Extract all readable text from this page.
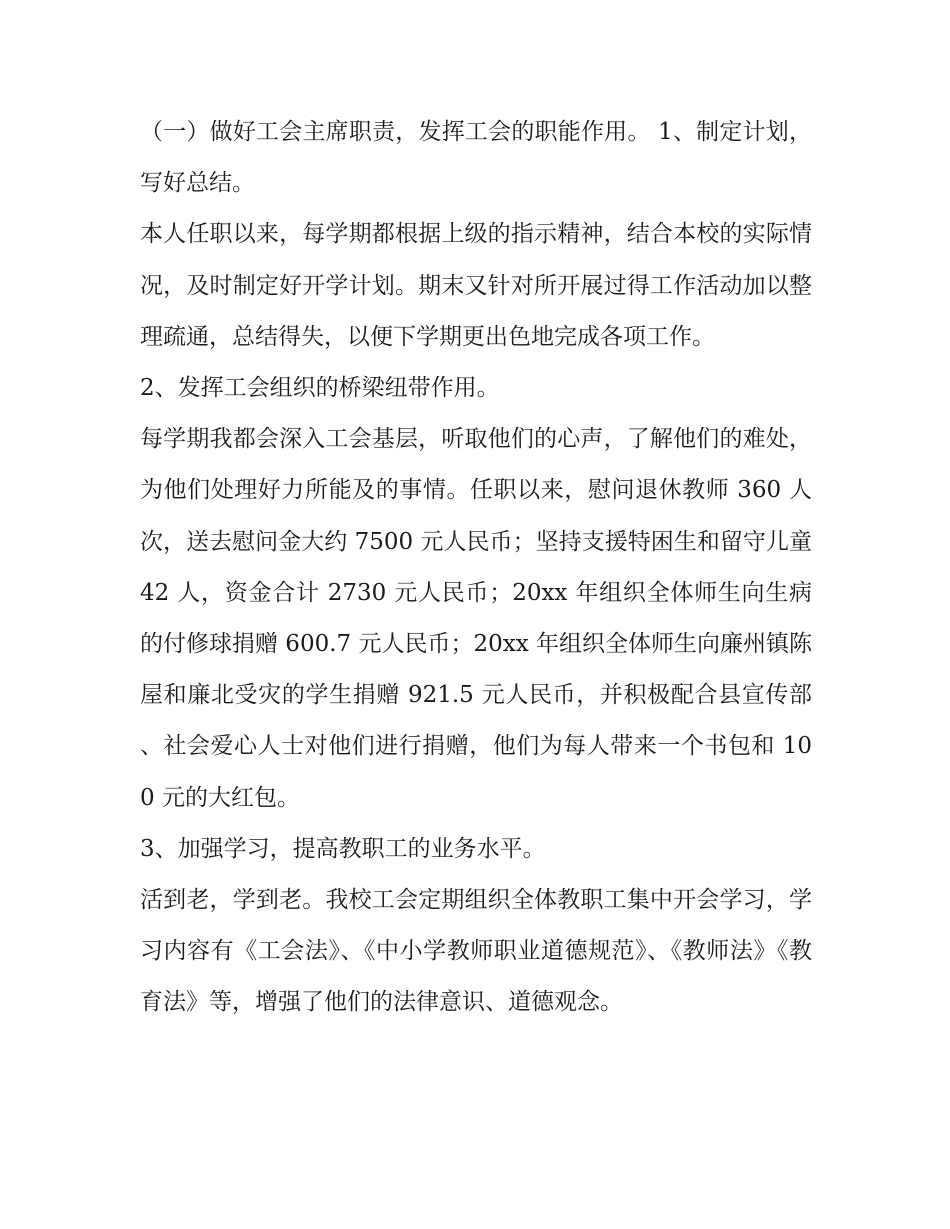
（一）做好工会主席职责，发挥工会的职能作用。 1、制定计划，写好总结。

本人任职以来，每学期都根据上级的指示精神，结合本校的实际情况，及时制定好开学计划。期末又针对所开展过得工作活动加以整理疏通，总结得失，以便下学期更出色地完成各项工作。

2、发挥工会组织的桥梁纽带作用。

每学期我都会深入工会基层，听取他们的心声，了解他们的难处，为他们处理好力所能及的事情。任职以来，慰问退休教师 360 人次，送去慰问金大约 7500 元人民币；坚持支援特困生和留守儿童 42 人，资金合计 2730 元人民币；20xx 年组织全体师生向生病的付修球捐赠 600.7 元人民币；20xx 年组织全体师生向廉州镇陈屋和廉北受灾的学生捐赠 921.5 元人民币，并积极配合县宣传部、社会爱心人士对他们进行捐赠，他们为每人带来一个书包和 100 元的大红包。

3、加强学习，提高教职工的业务水平。

活到老，学到老。我校工会定期组织全体教职工集中开会学习，学习内容有《工会法》、《中小学教师职业道德规范》、《教师法》《教育法》等，增强了他们的法律意识、道德观念。
